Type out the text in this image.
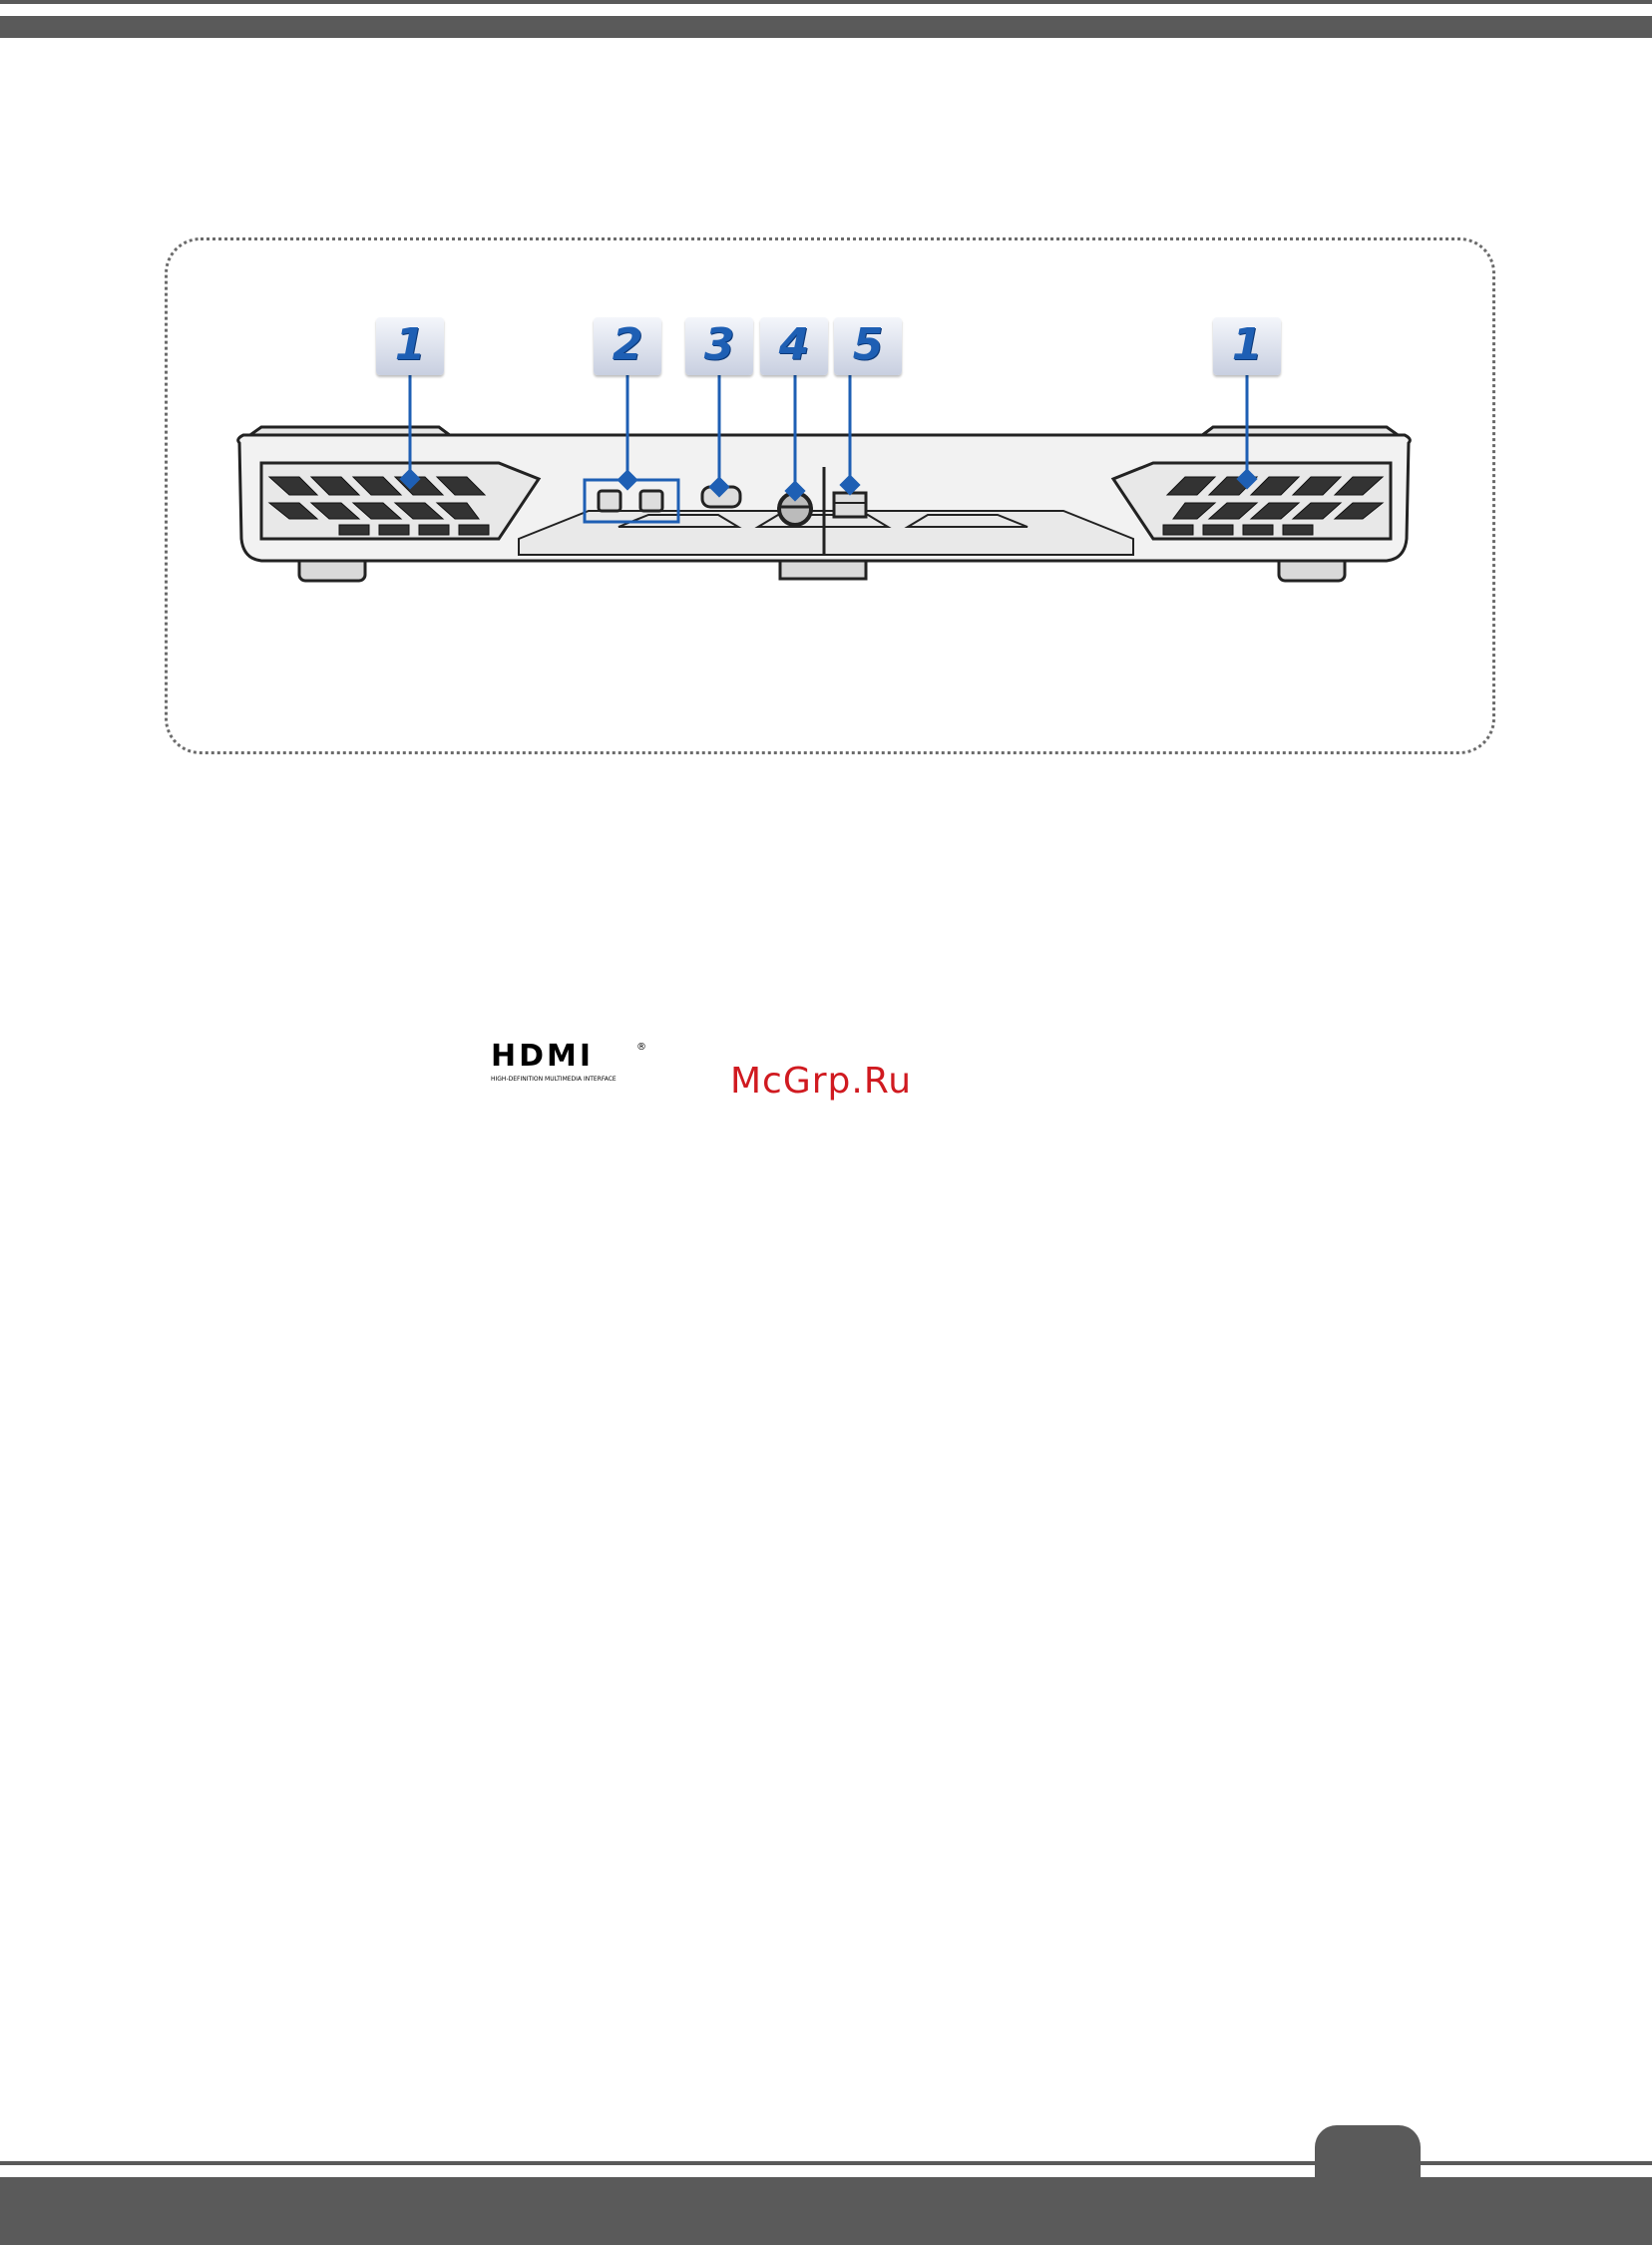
1	2	3	4 5	1
HDMI	®
HIGH-DEFINITION MULTIMEDIA INTERFACE	McGrp.Ru
